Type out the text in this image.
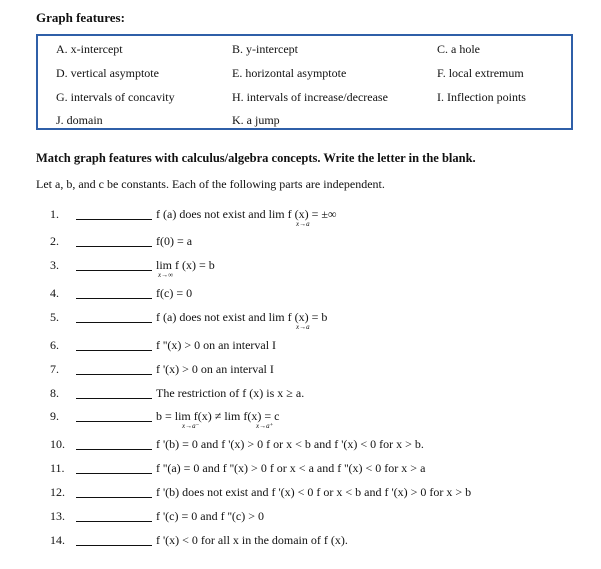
Graph features:
A. x-intercept	B. y-intercept	C. a hole
D. vertical asymptote	E. horizontal asymptote	F. local extremum
G. intervals of concavity	H. intervals of increase/decrease	I. Inflection points
J. domain	K. a jump
Match graph features with calculus/algebra concepts. Write the letter in the blank.
Let a, b, and c be constants. Each of the following parts are independent.
1.	f (a) does not exist and lim f (x) = ±∞
x→a
2.	f(0) = a
3.	lim f (x) = b
x→∞
4.	f(c) = 0
5.	f (a) does not exist and lim f (x) = b
x→a
6.	f ''(x) > 0 on an interval I
7.	f '(x) > 0 on an interval I
8.	The restriction of f (x) is x ≥ a.
9.	b = lim f(x) ≠ lim f(x) = c
x→a⁻	x→a⁺
10.	f '(b) = 0 and f '(x) > 0 f or x < b and f '(x) < 0 for x > b.
11.	f ''(a) = 0 and f ''(x) > 0 f or x < a and f ''(x) < 0 for x > a
12.	f '(b) does not exist and f '(x) < 0 f or x < b and f '(x) > 0 for x > b
13.	f '(c) = 0 and f ''(c) > 0
14.	f '(x) < 0 for all x in the domain of f (x).
